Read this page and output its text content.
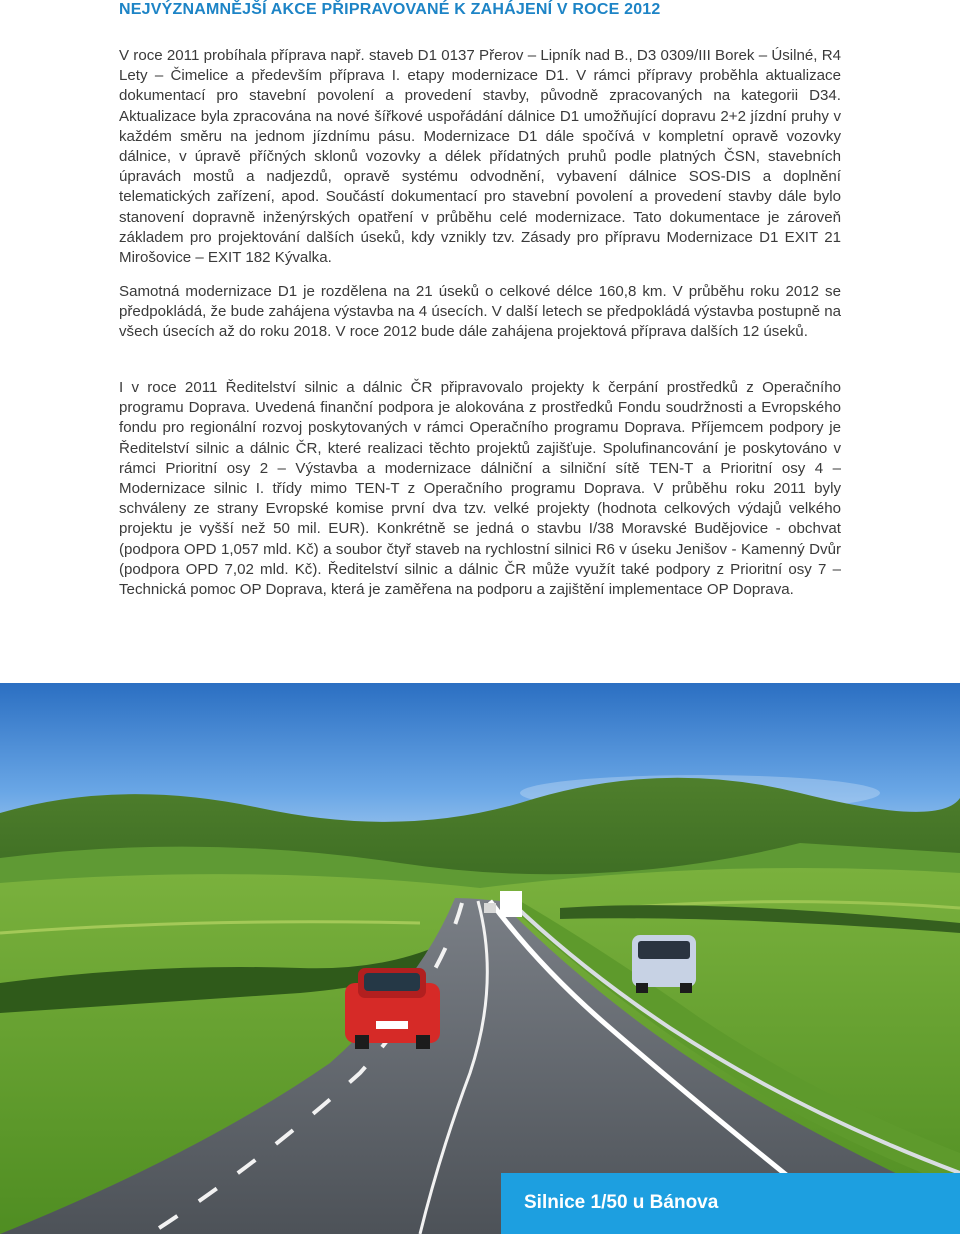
NEJVÝZNAMNĚJŠÍ AKCE PŘIPRAVOVANÉ K ZAHÁJENÍ V ROCE 2012

V roce 2011 probíhala příprava např. staveb D1 0137 Přerov – Lipník nad B., D3 0309/III Borek – Úsilné, R4 Lety – Čimelice a především příprava I. etapy modernizace D1. V rámci přípravy proběhla aktualizace dokumentací pro stavební povolení a provedení stavby, původně zpracovaných na kategorii D34. Aktualizace byla zpracována na nové šířkové uspořádání dálnice D1 umožňující dopravu 2+2 jízdní pruhy v každém směru na jednom jízdnímu pásu. Modernizace D1 dále spočívá v kompletní opravě vozovky dálnice, v úpravě příčných sklonů vozovky a délek přídatných pruhů podle platných ČSN, stavebních úpravách mostů a nadjezdů, opravě systému odvodnění, vybavení dálnice SOS-DIS a doplnění telematických zařízení, apod. Součástí dokumentací pro stavební povolení a provedení stavby dále bylo stanovení dopravně inženýrských opatření v průběhu celé modernizace. Tato dokumentace je zároveň základem pro projektování dalších úseků, kdy vznikly tzv. Zásady pro přípravu Modernizace D1 EXIT 21 Mirošovice – EXIT 182 Kývalka.

Samotná modernizace D1 je rozdělena na 21 úseků o celkové délce 160,8 km. V průběhu roku 2012 se předpokládá, že bude zahájena výstavba na 4 úsecích. V další letech se předpokládá výstavba postupně na všech úsecích až do roku 2018. V roce 2012 bude dále zahájena projektová příprava dalších 12 úseků.

I v roce 2011 Ředitelství silnic a dálnic ČR připravovalo projekty k čerpání prostředků z Operačního programu Doprava. Uvedená finanční podpora je alokována z prostředků Fondu soudržnosti a Evropského fondu pro regionální rozvoj poskytovaných v rámci Operačního programu Doprava. Příjemcem podpory je Ředitelství silnic a dálnic ČR, které realizaci těchto projektů zajišťuje. Spolufinancování je poskytováno v rámci Prioritní osy 2 – Výstavba a modernizace dálniční a silniční sítě TEN-T a Prioritní osy 4 – Modernizace silnic I. třídy mimo TEN-T z Operačního programu Doprava. V průběhu roku 2011 byly schváleny ze strany Evropské komise první dva tzv. velké projekty (hodnota celkových výdajů velkého projektu je vyšší než 50 mil. EUR). Konkrétně se jedná o stavbu I/38 Moravské Budějovice - obchvat (podpora OPD 1,057 mld. Kč) a soubor čtyř staveb na rychlostní silnici R6 v úseku Jenišov - Kamenný Dvůr (podpora OPD 7,02 mld. Kč). Ředitelství silnic a dálnic ČR může využít také podpory z Prioritní osy 7 – Technická pomoc OP Doprava, která je zaměřena na podporu a zajištění implementace OP Doprava.

Silnice 1/50 u Bánova
